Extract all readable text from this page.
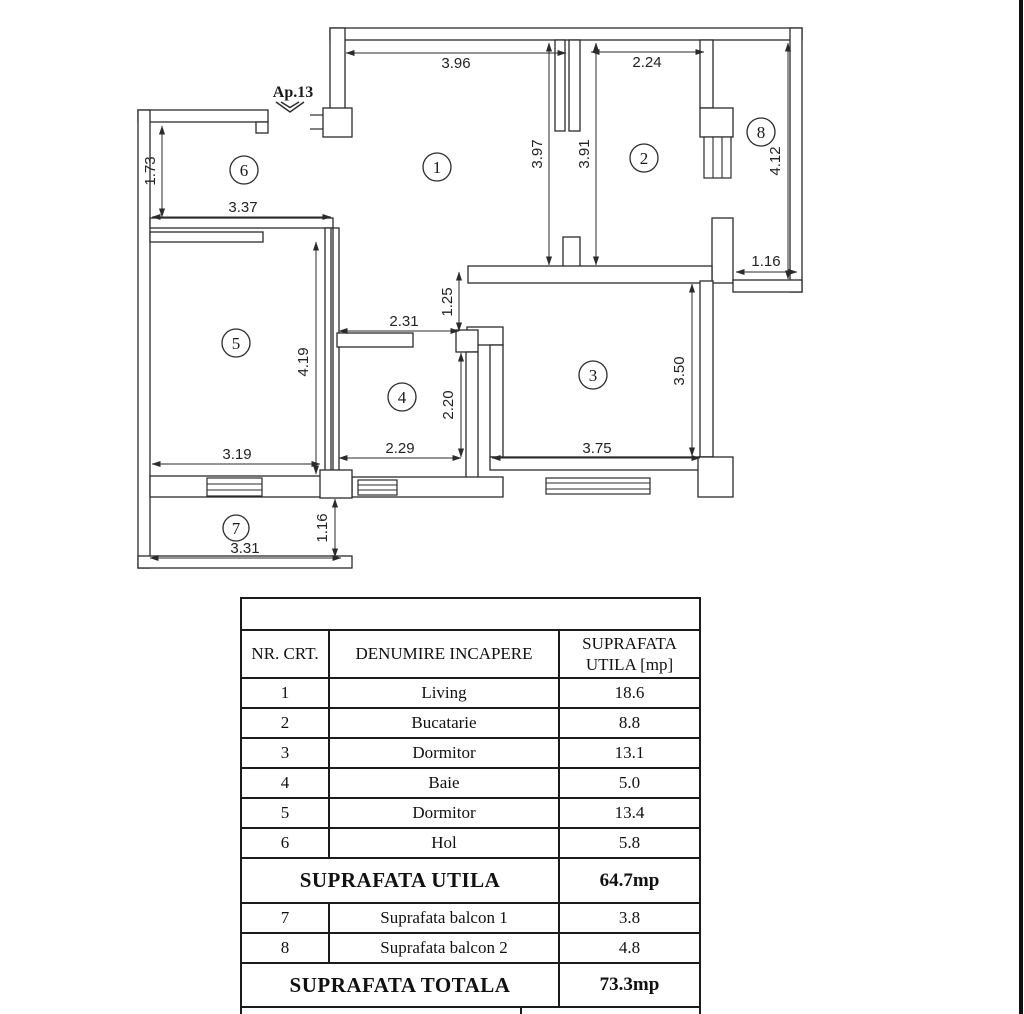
Ap.13
3.96	2.24
3.97 3.91	4.12
1.16
1.73
3.37
4.19
2.31
1.25
2.20
2.29	3.75
3.50
3.19
3.31
1.16
1	2
3
4
5
6
7
8
NR. CRT.	DENUMIRE INCAPERE
SUPRAFATA
UTILA [mp]
1	Living	18.6
2	Bucatarie	8.8
3	Dormitor	13.1
4	Baie	5.0
5	Dormitor	13.4
6	Hol	5.8
SUPRAFATA UTILA	64.7mp
7	Suprafata balcon 1	3.8
8	Suprafata balcon 2	4.8
SUPRAFATA TOTALA	73.3mp
